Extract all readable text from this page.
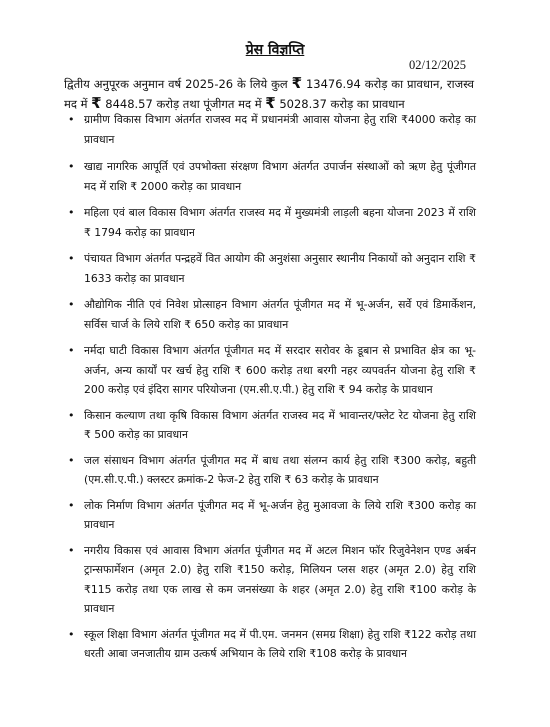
प्रेस विज्ञप्ति
02/12/2025
द्वितीय अनुपूरक अनुमान वर्ष 2025-26 के लिये कुल ₹ 13476.94 करोड़ का प्रावधान, राजस्व मद में ₹ 8448.57 करोड़ तथा पूंजीगत मद में ₹ 5028.37 करोड़ का प्रावधान
• ग्रामीण विकास विभाग अंतर्गत राजस्व मद में प्रधानमंत्री आवास योजना हेतु राशि ₹4000 करोड़ का प्रावधान
• खाद्य नागरिक आपूर्ति एवं उपभोक्ता संरक्षण विभाग अंतर्गत उपार्जन संस्थाओं को ऋण हेतु पूंजीगत मद में राशि ₹ 2000 करोड़ का प्रावधान
• महिला एवं बाल विकास विभाग अंतर्गत राजस्व मद में मुख्यमंत्री लाड़ली बहना योजना 2023 में राशि ₹ 1794 करोड़ का प्रावधान
• पंचायत विभाग अंतर्गत पन्द्रहवें वित आयोग की अनुशंसा अनुसार स्थानीय निकायों को अनुदान राशि ₹ 1633 करोड़ का प्रावधान
• औद्योगिक नीति एवं निवेश प्रोत्साहन विभाग अंतर्गत पूंजीगत मद में भू-अर्जन, सर्वे एवं डिमार्केशन, सर्विस चार्ज के लिये राशि ₹ 650 करोड़ का प्रावधान
• नर्मदा घाटी विकास विभाग अंतर्गत पूंजीगत मद में सरदार सरोवर के डूबान से प्रभावित क्षेत्र का भू-अर्जन, अन्य कार्यों पर खर्च हेतु राशि ₹ 600 करोड़ तथा बरगी नहर व्यपवर्तन योजना हेतु राशि ₹ 200 करोड़ एवं इंदिरा सागर परियोजना (एम.सी.ए.पी.) हेतु राशि ₹ 94 करोड़ के प्रावधान
• किसान कल्याण तथा कृषि विकास विभाग अंतर्गत राजस्व मद में भावान्तर/फ्लेट रेट योजना हेतु राशि ₹ 500 करोड़ का प्रावधान
• जल संसाधन विभाग अंतर्गत पूंजीगत मद में बाध तथा संलग्न कार्य हेतु राशि ₹300 करोड़, बहुती (एम.सी.ए.पी.) क्लस्टर क्रमांक-2 फेज-2 हेतु राशि ₹ 63 करोड़ के प्रावधान
• लोक निर्माण विभाग अंतर्गत पूंजीगत मद में भू-अर्जन हेतु मुआवजा के लिये राशि ₹300 करोड़ का प्रावधान
• नगरीय विकास एवं आवास विभाग अंतर्गत पूंजीगत मद में अटल मिशन फॉर रिजुवेनेशन एण्ड अर्बन ट्रान्सफार्मेशन (अमृत 2.0) हेतु राशि ₹150 करोड़, मिलियन प्लस शहर (अमृत 2.0) हेतु राशि ₹115 करोड़ तथा एक लाख से कम जनसंख्या के शहर (अमृत 2.0) हेतु राशि ₹100 करोड़ के प्रावधान
• स्कूल शिक्षा विभाग अंतर्गत पूंजीगत मद में पी.एम. जनमन (समग्र शिक्षा) हेतु राशि ₹122 करोड़ तथा धरती आबा जनजातीय ग्राम उत्कर्ष अभियान के लिये राशि ₹108 करोड़ के प्रावधान
